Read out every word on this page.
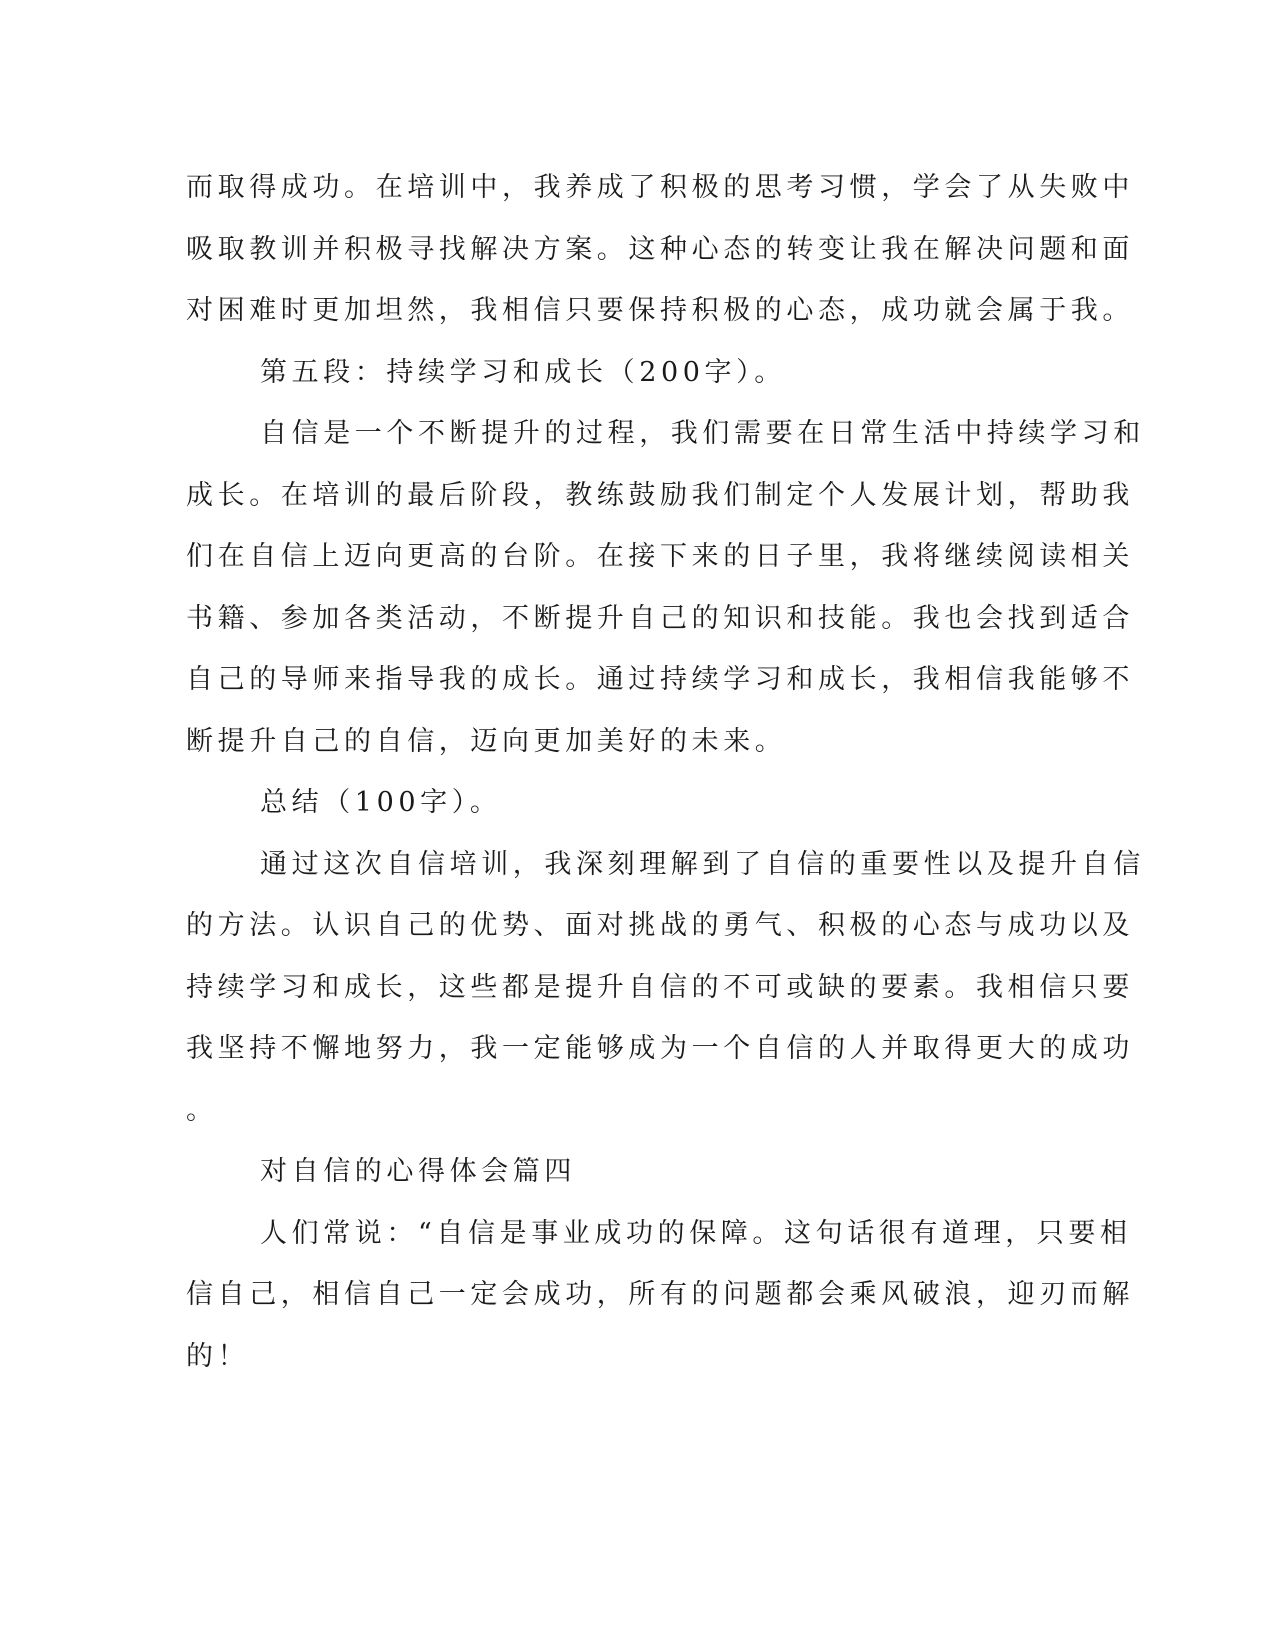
而取得成功。在培训中，我养成了积极的思考习惯，学会了从失败中
吸取教训并积极寻找解决方案。这种心态的转变让我在解决问题和面
对困难时更加坦然，我相信只要保持积极的心态，成功就会属于我。
第五段：持续学习和成长（200字）。
自信是一个不断提升的过程，我们需要在日常生活中持续学习和
成长。在培训的最后阶段，教练鼓励我们制定个人发展计划，帮助我
们在自信上迈向更高的台阶。在接下来的日子里，我将继续阅读相关
书籍、参加各类活动，不断提升自己的知识和技能。我也会找到适合
自己的导师来指导我的成长。通过持续学习和成长，我相信我能够不
断提升自己的自信，迈向更加美好的未来。
总结（100字）。
通过这次自信培训，我深刻理解到了自信的重要性以及提升自信
的方法。认识自己的优势、面对挑战的勇气、积极的心态与成功以及
持续学习和成长，这些都是提升自信的不可或缺的要素。我相信只要
我坚持不懈地努力，我一定能够成为一个自信的人并取得更大的成功
。
对自信的心得体会篇四
人们常说：“自信是事业成功的保障。这句话很有道理，只要相
信自己，相信自己一定会成功，所有的问题都会乘风破浪，迎刃而解
的！
